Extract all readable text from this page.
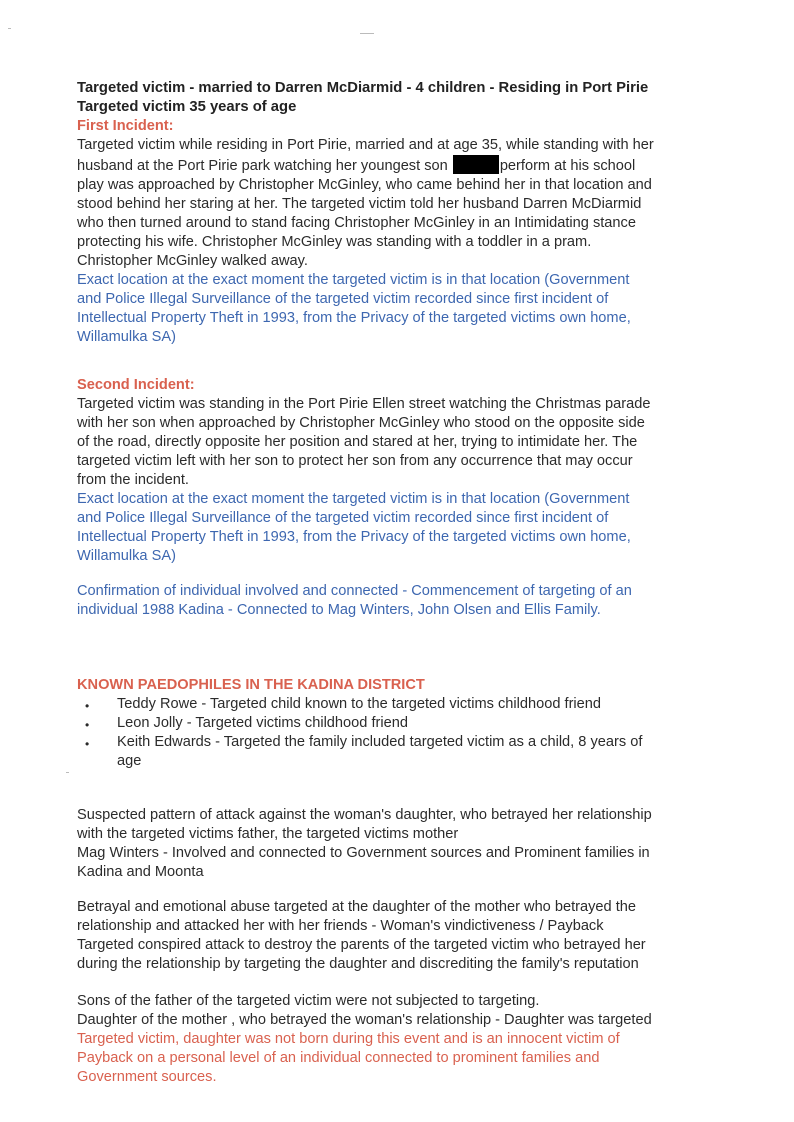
Targeted victim - married to Darren McDiarmid - 4 children - Residing in Port Pirie
Targeted victim 35 years of age
First Incident:
Targeted victim while residing in Port Pirie, married and at age 35, while standing with her
husband at the Port Pirie park watching her youngest son	perform at his school
play was approached by Christopher McGinley, who came behind her in that location and
stood behind her staring at her. The targeted victim told her husband Darren McDiarmid
who then turned around to stand facing Christopher McGinley in an Intimidating stance
protecting his wife. Christopher McGinley was standing with a toddler in a pram.
Christopher McGinley walked away.
Exact location at the exact moment the targeted victim is in that location (Government
and Police Illegal Surveillance of the targeted victim recorded since first incident of
Intellectual Property Theft in 1993, from the Privacy of the targeted victims own home,
Willamulka SA)
Second Incident:
Targeted victim was standing in the Port Pirie Ellen street watching the Christmas parade
with her son when approached by Christopher McGinley who stood on the opposite side
of the road, directly opposite her position and stared at her, trying to intimidate her. The
targeted victim left with her son to protect her son from any occurrence that may occur
from the incident.
Exact location at the exact moment the targeted victim is in that location (Government
and Police Illegal Surveillance of the targeted victim recorded since first incident of
Intellectual Property Theft in 1993, from the Privacy of the targeted victims own home,
Willamulka SA)
Confirmation of individual involved and connected - Commencement of targeting of an
individual 1988 Kadina - Connected to Mag Winters, John Olsen and Ellis Family.
KNOWN PAEDOPHILES IN THE KADINA DISTRICT
• Teddy Rowe - Targeted child known to the targeted victims childhood friend
• Leon Jolly - Targeted victims childhood friend
• Keith Edwards - Targeted the family included targeted victim as a child, 8 years of
age
Suspected pattern of attack against the woman's daughter, who betrayed her relationship
with the targeted victims father, the targeted victims mother
Mag Winters - Involved and connected to Government sources and Prominent families in
Kadina and Moonta
Betrayal and emotional abuse targeted at the daughter of the mother who betrayed the
relationship and attacked her with her friends - Woman's vindictiveness / Payback
Targeted conspired attack to destroy the parents of the targeted victim who betrayed her
during the relationship by targeting the daughter and discrediting the family's reputation
Sons of the father of the targeted victim were not subjected to targeting.
Daughter of the mother , who betrayed the woman's relationship - Daughter was targeted
Targeted victim, daughter was not born during this event and is an innocent victim of
Payback on a personal level of an individual connected to prominent families and
Government sources.
